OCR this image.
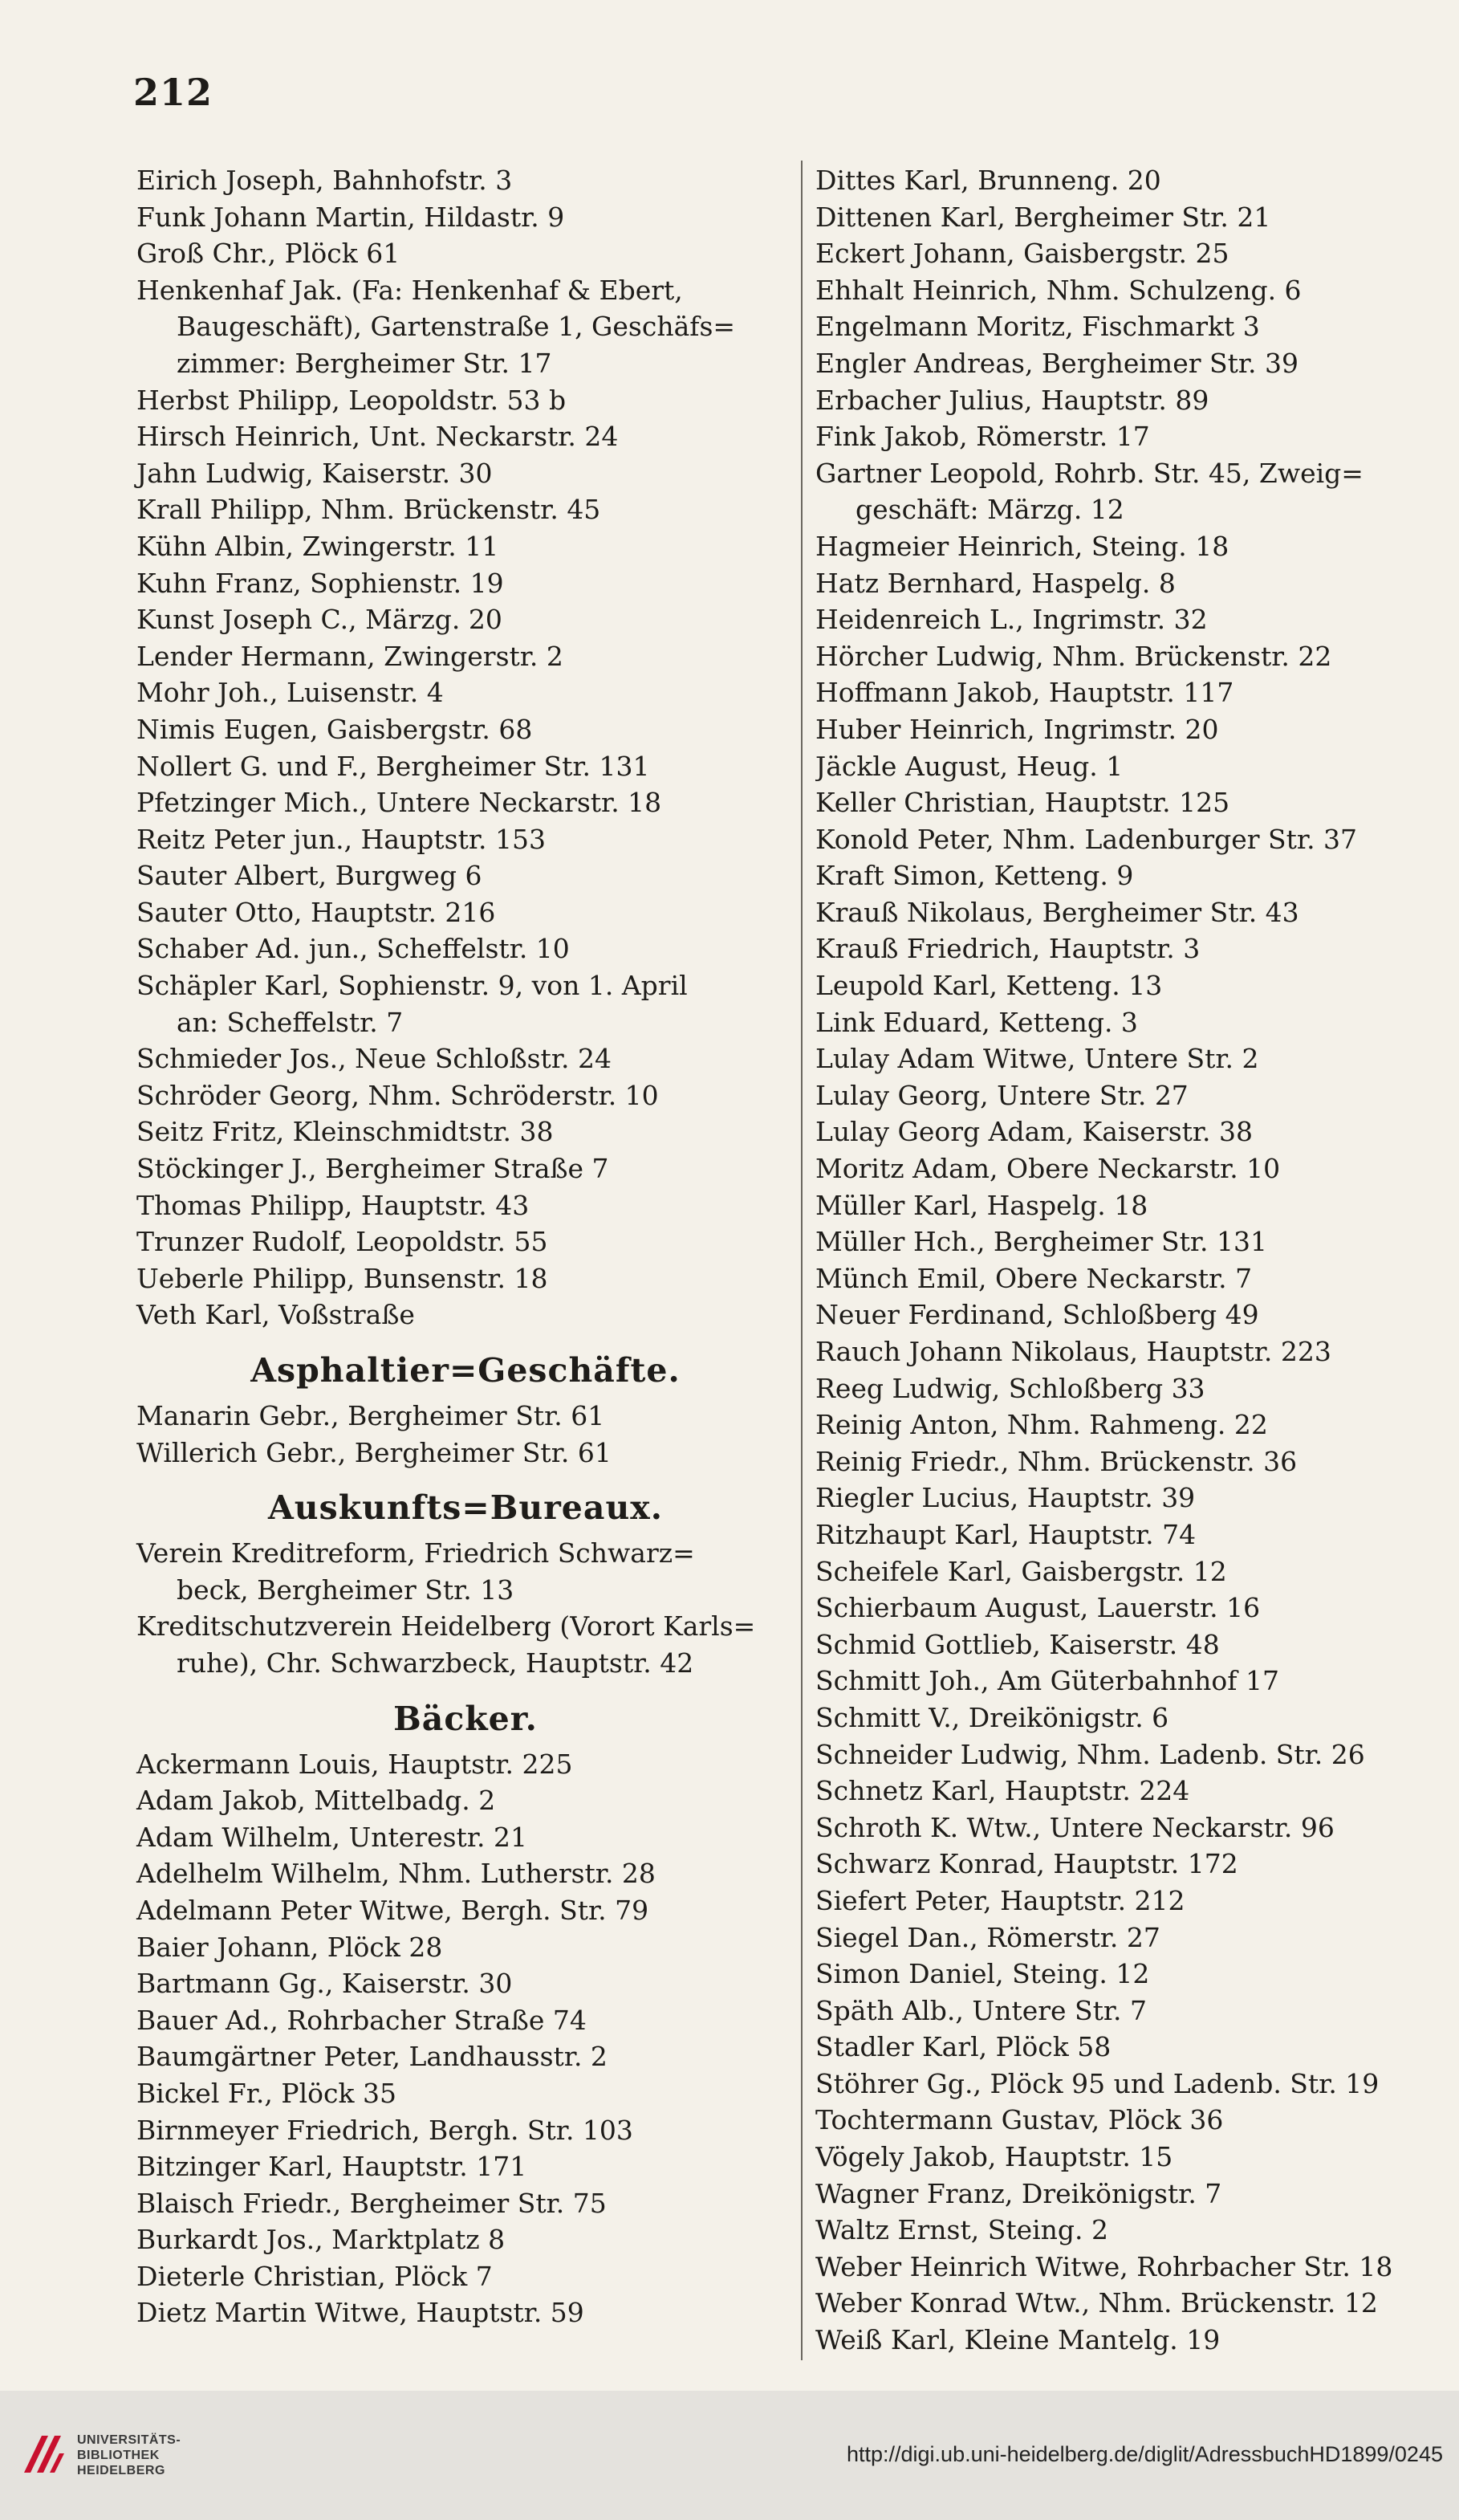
212
Eirich Joseph, Bahnhofstr. 3
Funk Johann Martin, Hildastr. 9
Groß Chr., Plöck 61
Henkenhaf Jak. (Fa: Henkenhaf & Ebert,
Baugeschäft), Gartenstraße 1, Geschäfs=
zimmer: Bergheimer Str. 17
Herbst Philipp, Leopoldstr. 53 b
Hirsch Heinrich, Unt. Neckarstr. 24
Jahn Ludwig, Kaiserstr. 30
Krall Philipp, Nhm. Brückenstr. 45
Kühn Albin, Zwingerstr. 11
Kuhn Franz, Sophienstr. 19
Kunst Joseph C., Märzg. 20
Lender Hermann, Zwingerstr. 2
Mohr Joh., Luisenstr. 4
Nimis Eugen, Gaisbergstr. 68
Nollert G. und F., Bergheimer Str. 131
Pfetzinger Mich., Untere Neckarstr. 18
Reitz Peter jun., Hauptstr. 153
Sauter Albert, Burgweg 6
Sauter Otto, Hauptstr. 216
Schaber Ad. jun., Scheffelstr. 10
Schäpler Karl, Sophienstr. 9, von 1. April
an: Scheffelstr. 7
Schmieder Jos., Neue Schloßstr. 24
Schröder Georg, Nhm. Schröderstr. 10
Seitz Fritz, Kleinschmidtstr. 38
Stöckinger J., Bergheimer Straße 7
Thomas Philipp, Hauptstr. 43
Trunzer Rudolf, Leopoldstr. 55
Ueberle Philipp, Bunsenstr. 18
Veth Karl, Voßstraße
Asphaltier=Geschäfte.
Manarin Gebr., Bergheimer Str. 61
Willerich Gebr., Bergheimer Str. 61
Auskunfts=Bureaux.
Verein Kreditreform, Friedrich Schwarz=
beck, Bergheimer Str. 13
Kreditschutzverein Heidelberg (Vorort Karls=
ruhe), Chr. Schwarzbeck, Hauptstr. 42
Bäcker.
Ackermann Louis, Hauptstr. 225
Adam Jakob, Mittelbadg. 2
Adam Wilhelm, Unterestr. 21
Adelhelm Wilhelm, Nhm. Lutherstr. 28
Adelmann Peter Witwe, Bergh. Str. 79
Baier Johann, Plöck 28
Bartmann Gg., Kaiserstr. 30
Bauer Ad., Rohrbacher Straße 74
Baumgärtner Peter, Landhausstr. 2
Bickel Fr., Plöck 35
Birnmeyer Friedrich, Bergh. Str. 103
Bitzinger Karl, Hauptstr. 171
Blaisch Friedr., Bergheimer Str. 75
Burkardt Jos., Marktplatz 8
Dieterle Christian, Plöck 7
Dietz Martin Witwe, Hauptstr. 59
Dittes Karl, Brunneng. 20
Dittenen Karl, Bergheimer Str. 21
Eckert Johann, Gaisbergstr. 25
Ehhalt Heinrich, Nhm. Schulzeng. 6
Engelmann Moritz, Fischmarkt 3
Engler Andreas, Bergheimer Str. 39
Erbacher Julius, Hauptstr. 89
Fink Jakob, Römerstr. 17
Gartner Leopold, Rohrb. Str. 45, Zweig=
geschäft: Märzg. 12
Hagmeier Heinrich, Steing. 18
Hatz Bernhard, Haspelg. 8
Heidenreich L., Ingrimstr. 32
Hörcher Ludwig, Nhm. Brückenstr. 22
Hoffmann Jakob, Hauptstr. 117
Huber Heinrich, Ingrimstr. 20
Jäckle August, Heug. 1
Keller Christian, Hauptstr. 125
Konold Peter, Nhm. Ladenburger Str. 37
Kraft Simon, Ketteng. 9
Krauß Nikolaus, Bergheimer Str. 43
Krauß Friedrich, Hauptstr. 3
Leupold Karl, Ketteng. 13
Link Eduard, Ketteng. 3
Lulay Adam Witwe, Untere Str. 2
Lulay Georg, Untere Str. 27
Lulay Georg Adam, Kaiserstr. 38
Moritz Adam, Obere Neckarstr. 10
Müller Karl, Haspelg. 18
Müller Hch., Bergheimer Str. 131
Münch Emil, Obere Neckarstr. 7
Neuer Ferdinand, Schloßberg 49
Rauch Johann Nikolaus, Hauptstr. 223
Reeg Ludwig, Schloßberg 33
Reinig Anton, Nhm. Rahmeng. 22
Reinig Friedr., Nhm. Brückenstr. 36
Riegler Lucius, Hauptstr. 39
Ritzhaupt Karl, Hauptstr. 74
Scheifele Karl, Gaisbergstr. 12
Schierbaum August, Lauerstr. 16
Schmid Gottlieb, Kaiserstr. 48
Schmitt Joh., Am Güterbahnhof 17
Schmitt V., Dreikönigstr. 6
Schneider Ludwig, Nhm. Ladenb. Str. 26
Schnetz Karl, Hauptstr. 224
Schroth K. Wtw., Untere Neckarstr. 96
Schwarz Konrad, Hauptstr. 172
Siefert Peter, Hauptstr. 212
Siegel Dan., Römerstr. 27
Simon Daniel, Steing. 12
Späth Alb., Untere Str. 7
Stadler Karl, Plöck 58
Stöhrer Gg., Plöck 95 und Ladenb. Str. 19
Tochtermann Gustav, Plöck 36
Vögely Jakob, Hauptstr. 15
Wagner Franz, Dreikönigstr. 7
Waltz Ernst, Steing. 2
Weber Heinrich Witwe, Rohrbacher Str. 18
Weber Konrad Wtw., Nhm. Brückenstr. 12
Weiß Karl, Kleine Mantelg. 19
UNIVERSITÄTS-
BIBLIOTHEK
HEIDELBERG
http://digi.ub.uni-heidelberg.de/diglit/AdressbuchHD1899/0245
